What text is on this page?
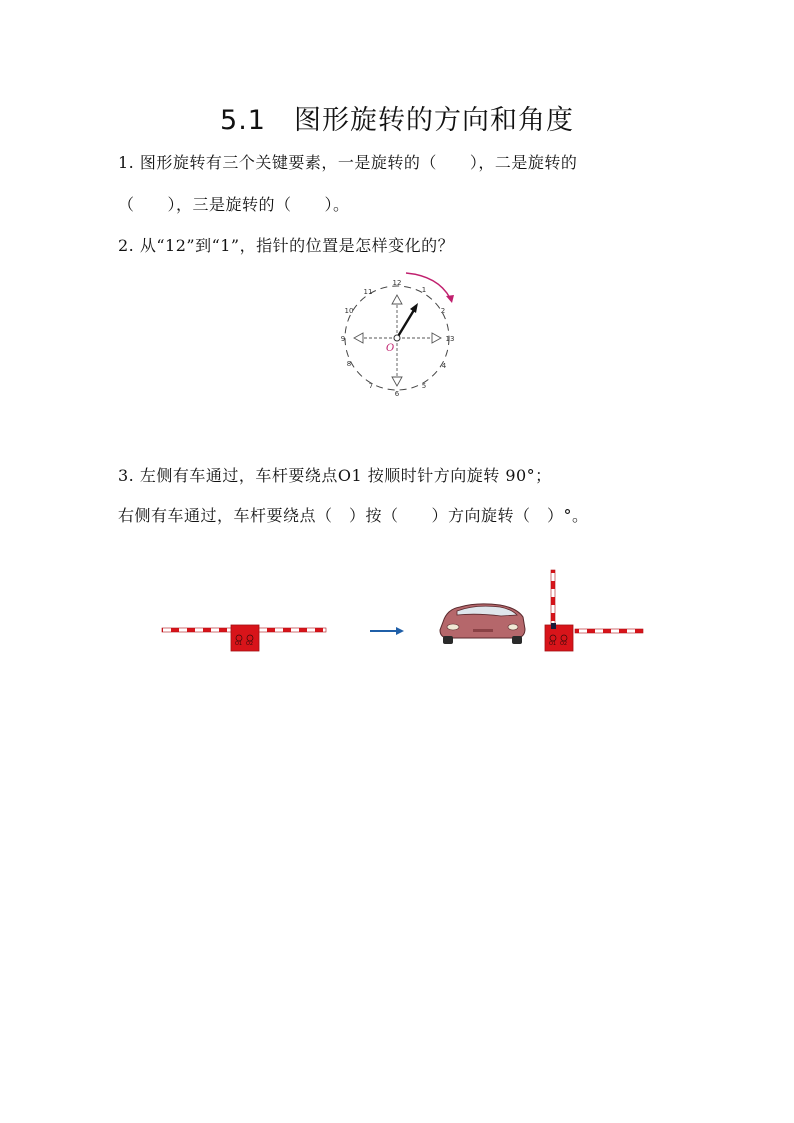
5.1　图形旋转的方向和角度
1. 图形旋转有三个关键要素，一是旋转的（　　），二是旋转的
（　　），三是旋转的（　　）。
2. 从“12”到“1”，指针的位置是怎样变化的？
12
1
2
13
4
5
6
7
8
9
10
11
O
3. 左侧有车通过，车杆要绕点O1 按顺时针方向旋转 90°；
右侧有车通过，车杆要绕点（　）按（　　）方向旋转（　）°。
O1 O2	O1 O2
